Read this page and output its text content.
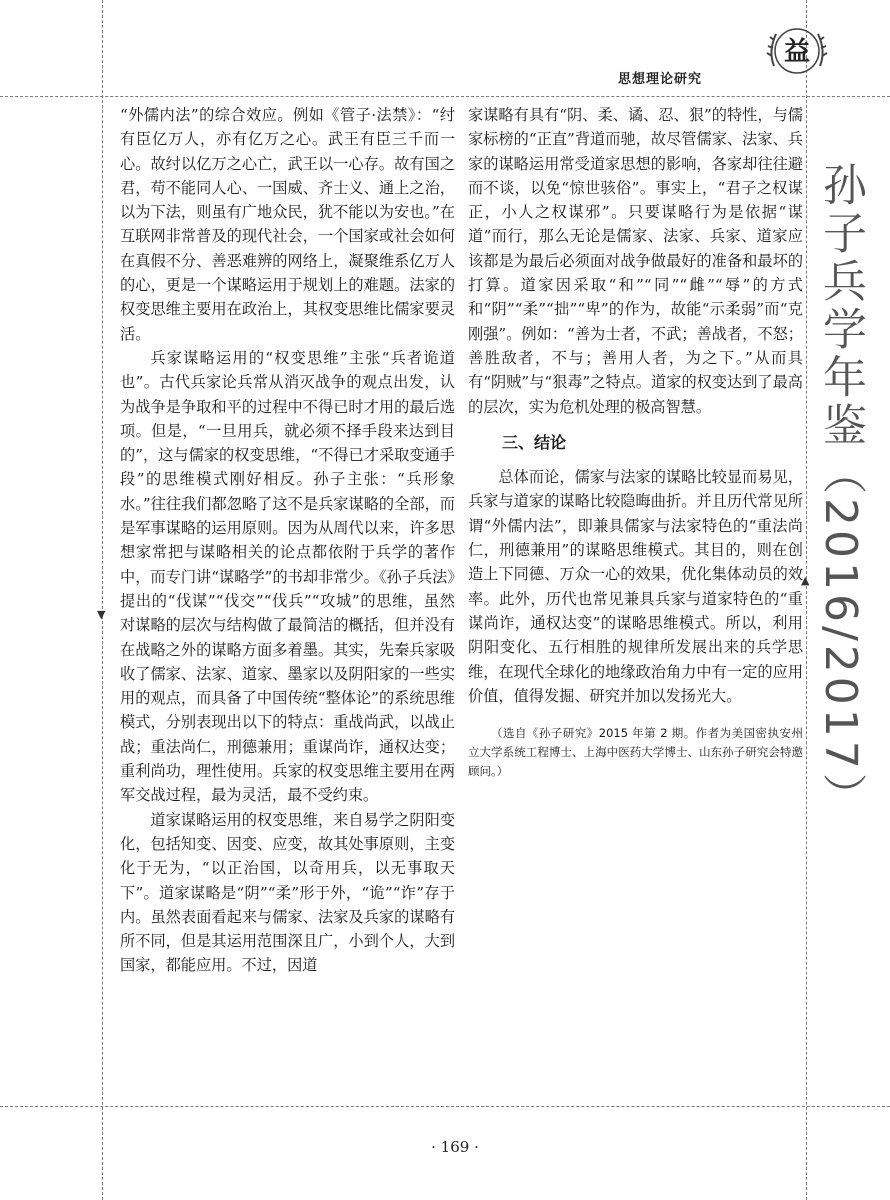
▼
▲
思想理论研究
益

“外儒内法”的综合效应。例如《管子·法禁》：“纣有臣亿万人，亦有亿万之心。武王有臣三千而一心。故纣以亿万之心亡，武王以一心存。故有国之君，苟不能同人心、一国威、齐士义、通上之治，以为下法，则虽有广地众民，犹不能以为安也。”在互联网非常普及的现代社会，一个国家或社会如何在真假不分、善恶难辨的网络上，凝聚维系亿万人的心，更是一个谋略运用于规划上的难题。法家的权变思维主要用在政治上，其权变思维比儒家要灵活。

兵家谋略运用的“权变思维”主张“兵者诡道也”。古代兵家论兵常从消灭战争的观点出发，认为战争是争取和平的过程中不得已时才用的最后选项。但是，“一旦用兵，就必须不择手段来达到目的”，这与儒家的权变思维，“不得已才采取变通手段”的思维模式刚好相反。孙子主张：“兵形象水。”往往我们都忽略了这不是兵家谋略的全部，而是军事谋略的运用原则。因为从周代以来，许多思想家常把与谋略相关的论点都依附于兵学的著作中，而专门讲“谋略学”的书却非常少。《孙子兵法》提出的“伐谋”“伐交”“伐兵”“攻城”的思维，虽然对谋略的层次与结构做了最简洁的概括，但并没有在战略之外的谋略方面多着墨。其实，先秦兵家吸收了儒家、法家、道家、墨家以及阴阳家的一些实用的观点，而具备了中国传统“整体论”的系统思维模式，分别表现出以下的特点：重战尚武，以战止战；重法尚仁，刑德兼用；重谋尚诈，通权达变；重利尚功，理性使用。兵家的权变思维主要用在两军交战过程，最为灵活，最不受约束。

道家谋略运用的权变思维，来自易学之阴阳变化，包括知变、因变、应变，故其处事原则，主变化于无为，“以正治国，以奇用兵，以无事取天下”。道家谋略是“阴”“柔”形于外，“诡”“诈”存于内。虽然表面看起来与儒家、法家及兵家的谋略有所不同，但是其运用范围深且广，小到个人，大到国家，都能应用。不过，因道

家谋略有具有“阴、柔、谲、忍、狠”的特性，与儒家标榜的“正直”背道而驰，故尽管儒家、法家、兵家的谋略运用常受道家思想的影响，各家却往往避而不谈，以免“惊世骇俗”。事实上，“君子之权谋正，小人之权谋邪”。只要谋略行为是依据“谋道”而行，那么无论是儒家、法家、兵家、道家应该都是为最后必须面对战争做最好的准备和最坏的打算。道家因采取“和”“同”“雌”“辱”的方式和“阴”“柔”“拙”“卑”的作为，故能“示柔弱”而“克刚强”。例如：“善为士者，不武；善战者，不怒；善胜敌者，不与；善用人者，为之下。”从而具有“阴贼”与“狠毒”之特点。道家的权变达到了最高的层次，实为危机处理的极高智慧。

三、结论

总体而论，儒家与法家的谋略比较显而易见，兵家与道家的谋略比较隐晦曲折。并且历代常见所谓“外儒内法”，即兼具儒家与法家特色的“重法尚仁，刑德兼用”的谋略思维模式。其目的，则在创造上下同德、万众一心的效果，优化集体动员的效率。此外，历代也常见兼具兵家与道家特色的“重谋尚诈，通权达变”的谋略思维模式。所以，利用阴阳变化、五行相胜的规律所发展出来的兵学思维，在现代全球化的地缘政治角力中有一定的应用价值，值得发掘、研究并加以发扬光大。

（选自《孙子研究》2015 年第 2 期。作者为美国密执安州立大学系统工程博士、上海中医药大学博士、山东孙子研究会特邀顾问。）	孙子兵学年鉴（2016/2017）
· 169 ·
